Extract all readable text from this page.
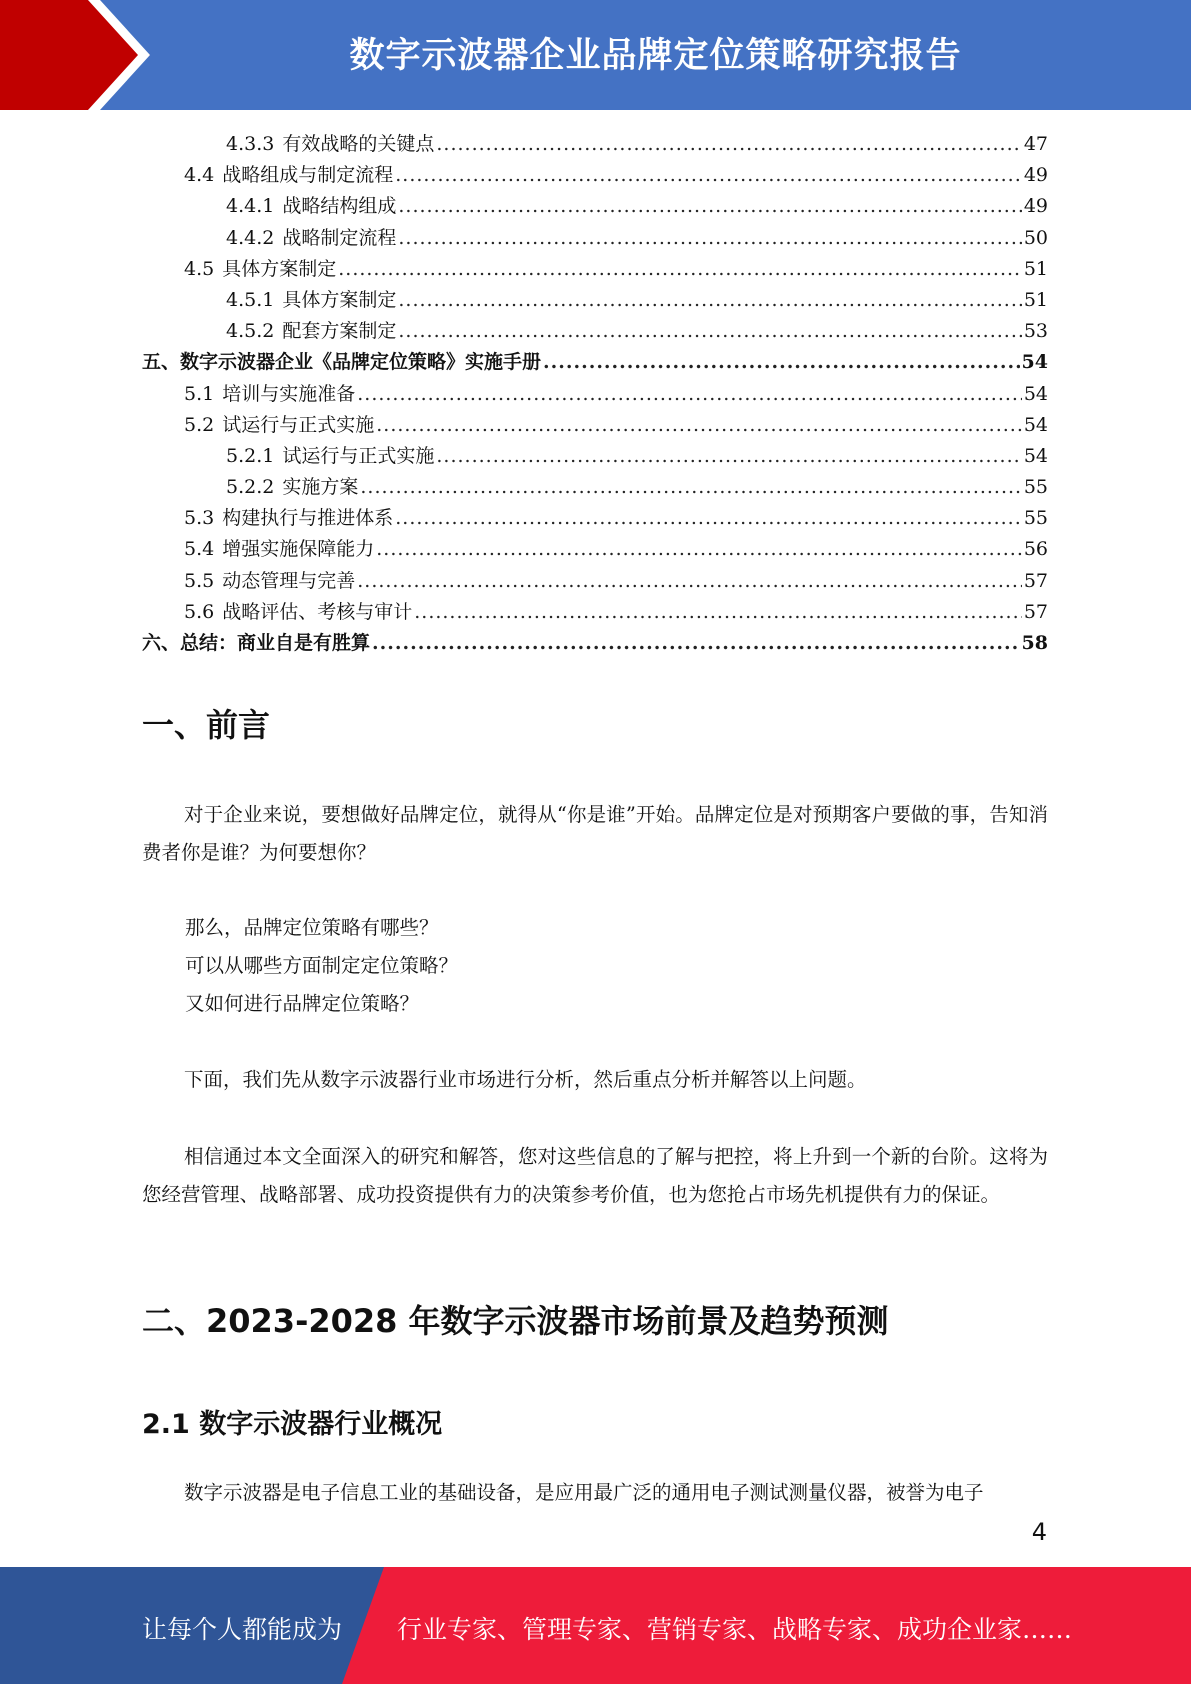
数字示波器企业品牌定位策略研究报告
4.3.3 有效战略的关键点 .....	47
4.4 战略组成与制定流程 .....	49
4.4.1 战略结构组成 .....	49
4.4.2 战略制定流程 .....	50
4.5 具体方案制定 .....	51
4.5.1 具体方案制定 .....	51
4.5.2 配套方案制定 .....	53
五、数字示波器企业《品牌定位策略》实施手册 .....	54
5.1 培训与实施准备 .....	54
5.2 试运行与正式实施 .....	54
5.2.1 试运行与正式实施 .....	54
5.2.2 实施方案 .....	55
5.3 构建执行与推进体系 .....	55
5.4 增强实施保障能力 .....	56
5.5 动态管理与完善 .....	57
5.6 战略评估、考核与审计 .....	57
六、总结：商业自是有胜算 .....	58
一、前言
对于企业来说，要想做好品牌定位，就得从“你是谁”开始。品牌定位是对预期客户要做的事，告知消费者你是谁？为何要想你？
那么，品牌定位策略有哪些？
可以从哪些方面制定定位策略？
又如何进行品牌定位策略？
下面，我们先从数字示波器行业市场进行分析，然后重点分析并解答以上问题。
相信通过本文全面深入的研究和解答，您对这些信息的了解与把控，将上升到一个新的台阶。这将为您经营管理、战略部署、成功投资提供有力的决策参考价值，也为您抢占市场先机提供有力的保证。
二、2023-2028 年数字示波器市场前景及趋势预测
2.1 数字示波器行业概况
数字示波器是电子信息工业的基础设备，是应用最广泛的通用电子测试测量仪器，被誉为电子
4
让每个人都能成为 行业专家、管理专家、营销专家、战略专家、成功企业家……
